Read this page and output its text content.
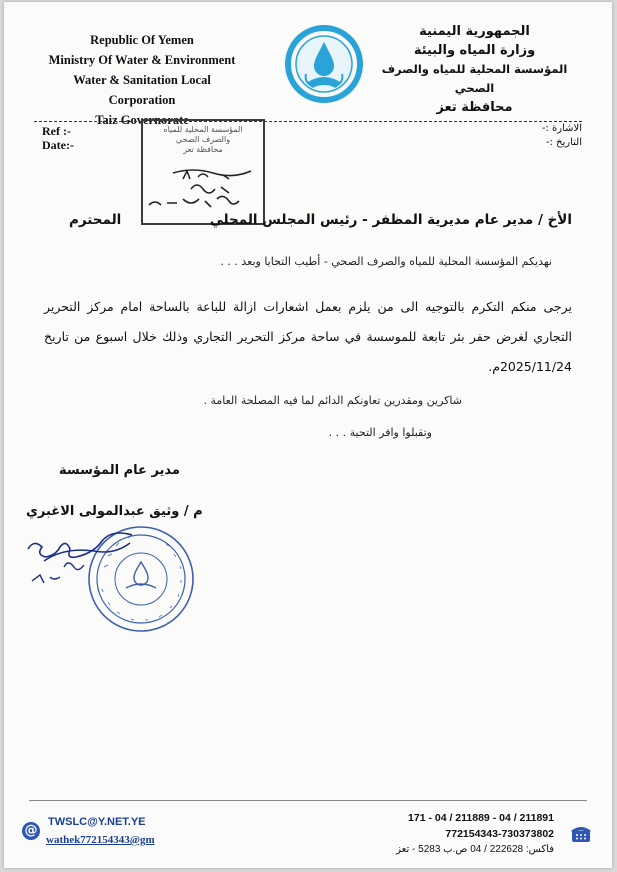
Republic Of Yemen
Ministry Of Water & Environment
Water & Sanitation Local Corporation
Taiz Governorate
الجمهورية اليمنية
وزارة المياه والبيئة
المؤسسة المحلية للمياه والصرف الصحي
محافظة تعز
Ref :-
Date:-
الاشارة :-
التاريخ :-
المؤسسة المحلية للمياه
والصرف الصحي
محافظة تعز
الأخ / مدير عام مديرية المظفر - رئيس المجلس المحلي
المحترم
نهديكم المؤسسة المحلية للمياه والصرف الصحي - أطيب التحايا وبعد . . .
يرجى منكم التكرم بالتوجيه الى من يلزم بعمل اشعارات ازالة للباعة بالساحة امام مركز التحرير التجاري لغرض حفر بئر تابعة للموسسة في ساحة مركز التحرير التجاري وذلك خلال اسبوع من تاريخ 2025/11/24م.
شاكرين ومقدرين تعاونكم الدائم لما فيه المصلحة العامة .
وتقبلوا وافر التحية . . .
مدير عام المؤسسة
م / وثيق عبدالمولى الاغبري
@
TWSLC@Y.NET.YE
wathek772154343@gm
171 - 04 / 211889 - 04 / 211891
772154343-730373802
فاكس: 222628 / 04 ص.ب 5283 - تعز
